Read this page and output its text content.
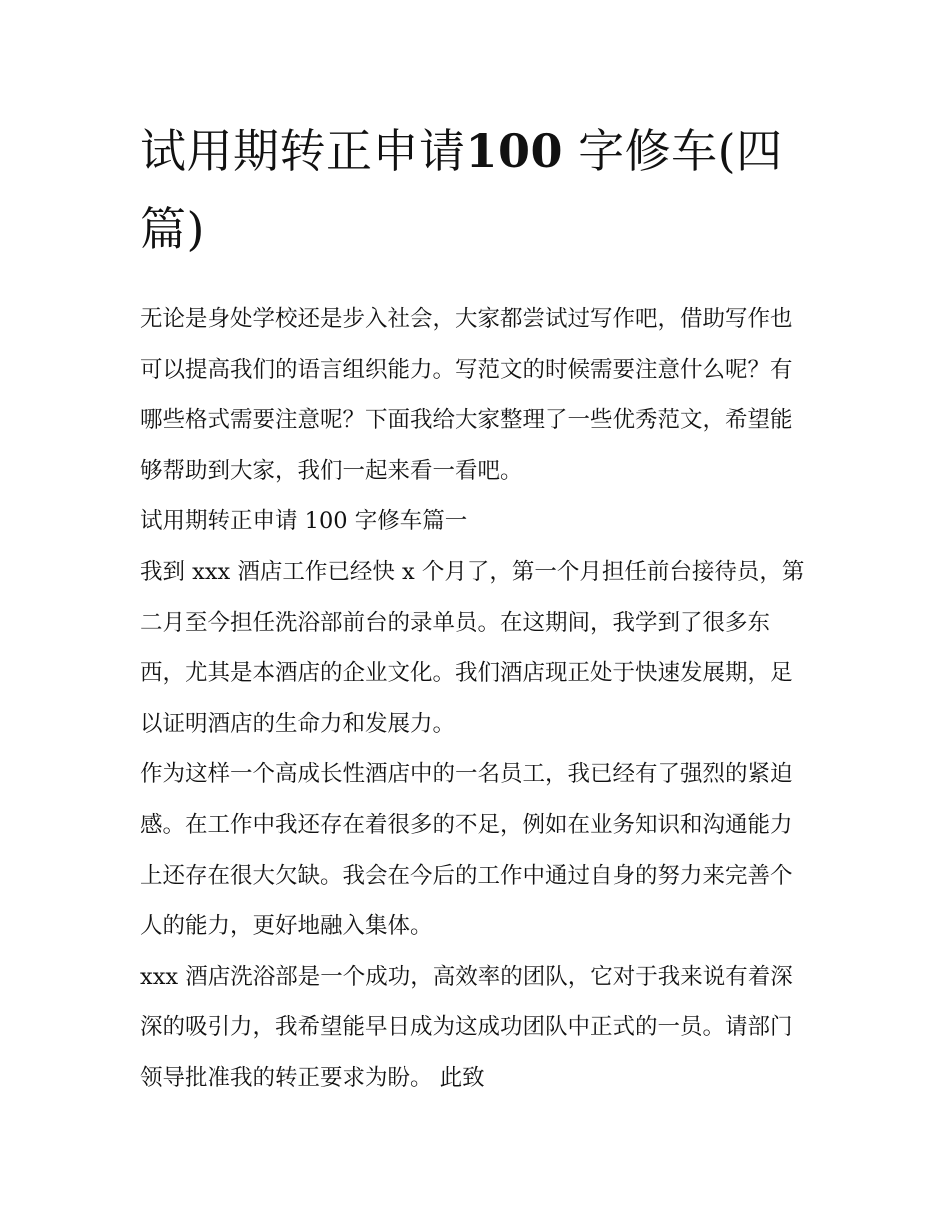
试用期转正申请100 字修车(四篇)

无论是身处学校还是步入社会，大家都尝试过写作吧，借助写作也可以提高我们的语言组织能力。写范文的时候需要注意什么呢？有哪些格式需要注意呢？下面我给大家整理了一些优秀范文，希望能够帮助到大家，我们一起来看一看吧。

试用期转正申请 100 字修车篇一

我到 xxx 酒店工作已经快 x 个月了，第一个月担任前台接待员，第二月至今担任洗浴部前台的录单员。在这期间，我学到了很多东西，尤其是本酒店的企业文化。我们酒店现正处于快速发展期，足以证明酒店的生命力和发展力。

作为这样一个高成长性酒店中的一名员工，我已经有了强烈的紧迫感。在工作中我还存在着很多的不足，例如在业务知识和沟通能力上还存在很大欠缺。我会在今后的工作中通过自身的努力来完善个人的能力，更好地融入集体。

xxx 酒店洗浴部是一个成功，高效率的团队，它对于我来说有着深深的吸引力，我希望能早日成为这成功团队中正式的一员。请部门领导批准我的转正要求为盼。 此致
